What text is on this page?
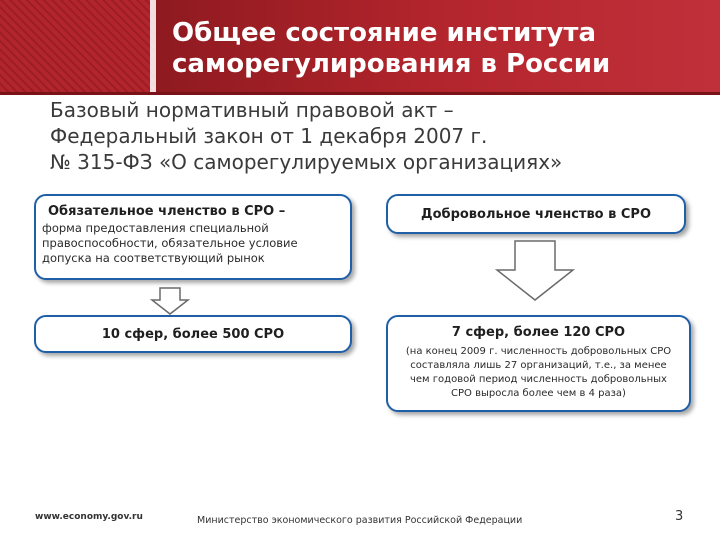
Общее состояние института
саморегулирования в России
Базовый нормативный правовой акт –
Федеральный закон от 1 декабря 2007 г.
№ 315-ФЗ «О саморегулируемых организациях»
Обязательное членство в СРО –
форма предоставления специальной
правоспособности, обязательное условие
допуска на соответствующий рынок
Добровольное членство в СРО
10 сфер, более 500 СРО	7 сфер, более 120 СРО
(на конец 2009 г. численность добровольных СРО
составляла лишь 27 организаций, т.е., за менее
чем годовой период численность добровольных
СРО выросла более чем в 4 раза)
www.economy.gov.ru	Министерство экономического развития Российской Федерации	3
